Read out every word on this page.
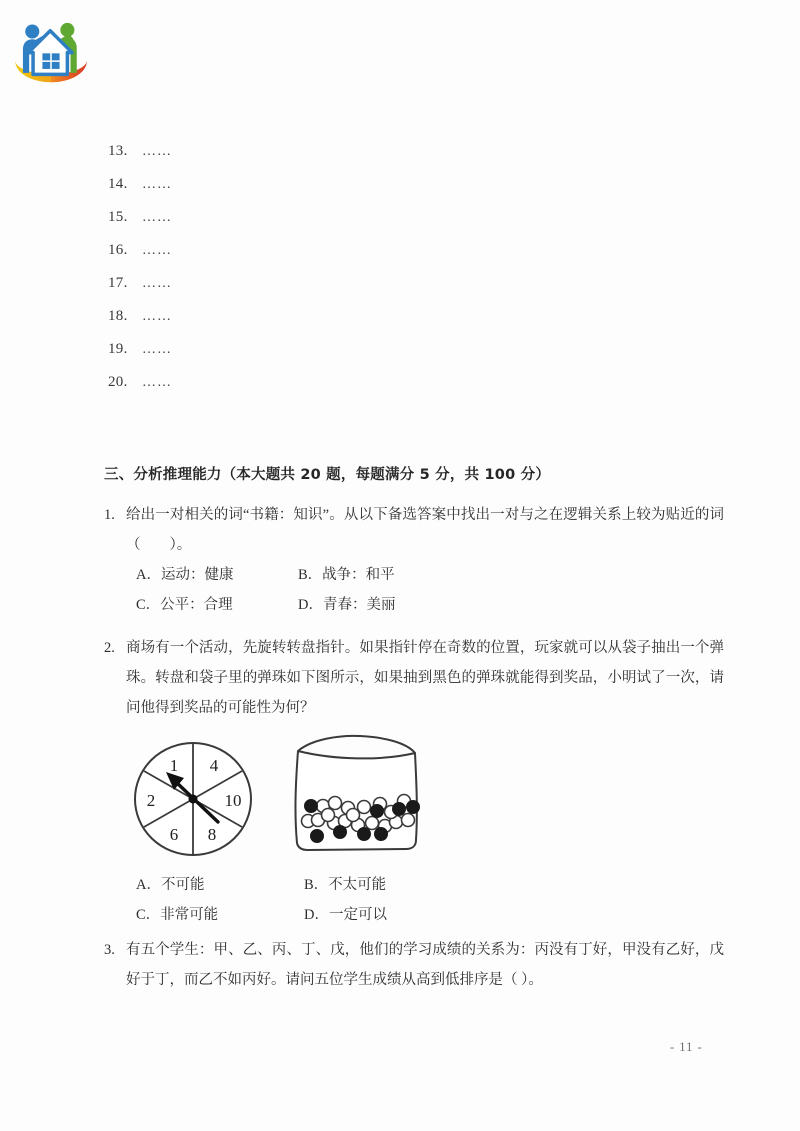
13.	……
14.	……
15.	……
16.	……
17.	……
18.	……
19.	……
20.	……
三、分析推理能力（本大题共 20 题，每题满分 5 分，共 100 分）
1. 给出一对相关的词“书籍：知识”。从以下备选答案中找出一对与之在逻辑关系上较为贴近的词（　　）。
A．运动：健康	B．战争：和平
C．公平：合理	D．青春：美丽
2. 商场有一个活动，先旋转转盘指针。如果指针停在奇数的位置，玩家就可以从袋子抽出一个弹珠。转盘和袋子里的弹珠如下图所示，如果抽到黑色的弹珠就能得到奖品，小明试了一次，请问他得到奖品的可能性为何？
1 4
10
8
6
2
A．不可能	B．不太可能
C．非常可能	D．一定可以
3. 有五个学生：甲、乙、丙、丁、戊，他们的学习成绩的关系为：丙没有丁好，甲没有乙好，戊好于丁，而乙不如丙好。请问五位学生成绩从高到低排序是（ ）。
- 11 -
